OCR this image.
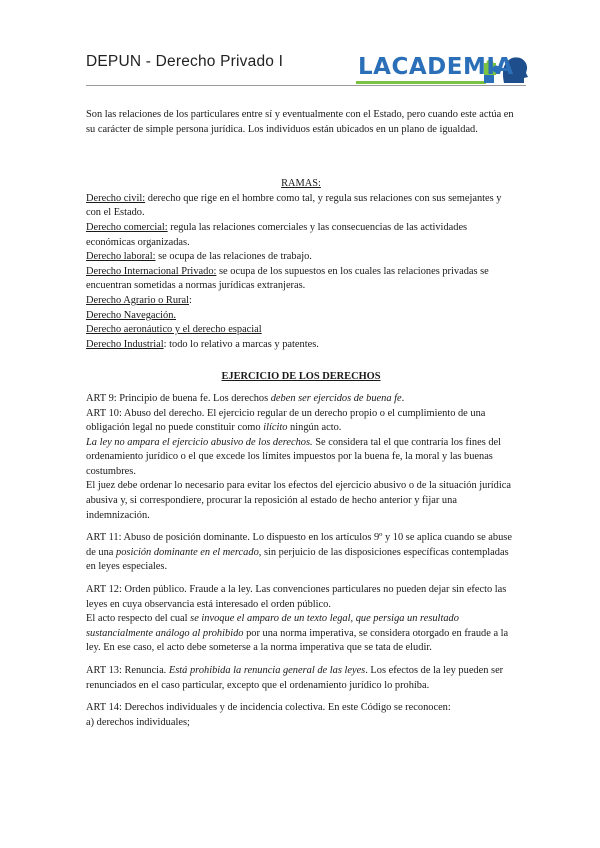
DEPUN - Derecho Privado I	LACADEMIA

Son las relaciones de los particulares entre sí y eventualmente con el Estado, pero cuando este actúa en su carácter de simple persona jurídica. Los individuos están ubicados en un plano de igualdad.

RAMAS:

Derecho civil: derecho que rige en el hombre como tal, y regula sus relaciones con sus semejantes y con el Estado.

Derecho comercial: regula las relaciones comerciales y las consecuencias de las actividades económicas organizadas.

Derecho laboral: se ocupa de las relaciones de trabajo.

Derecho Internacional Privado: se ocupa de los supuestos en los cuales las relaciones privadas se encuentran sometidas a normas jurídicas extranjeras.

Derecho Agrario o Rural:

Derecho Navegación.

Derecho aeronáutico y el derecho espacial

Derecho Industrial: todo lo relativo a marcas y patentes.

EJERCICIO DE LOS DERECHOS

ART 9: Principio de buena fe. Los derechos deben ser ejercidos de buena fe.

ART 10: Abuso del derecho. El ejercicio regular de un derecho propio o el cumplimiento de una obligación legal no puede constituir como ilícito ningún acto.

La ley no ampara el ejercicio abusivo de los derechos. Se considera tal el que contraría los fines del ordenamiento jurídico o el que excede los límites impuestos por la buena fe, la moral y las buenas costumbres.

El juez debe ordenar lo necesario para evitar los efectos del ejercicio abusivo o de la situación jurídica abusiva y, si correspondiere, procurar la reposición al estado de hecho anterior y fijar una indemnización.

ART 11: Abuso de posición dominante. Lo dispuesto en los artículos 9º y 10 se aplica cuando se abuse de una posición dominante en el mercado, sin perjuicio de las disposiciones específicas contempladas en leyes especiales.

ART 12: Orden público. Fraude a la ley. Las convenciones particulares no pueden dejar sin efecto las leyes en cuya observancia está interesado el orden público.

El acto respecto del cual se invoque el amparo de un texto legal, que persiga un resultado sustancialmente análogo al prohibido por una norma imperativa, se considera otorgado en fraude a la ley. En ese caso, el acto debe someterse a la norma imperativa que se tata de eludir.

ART 13: Renuncia. Está prohibida la renuncia general de las leyes. Los efectos de la ley pueden ser renunciados en el caso particular, excepto que el ordenamiento jurídico lo prohíba.

ART 14: Derechos individuales y de incidencia colectiva. En este Código se reconocen:

a) derechos individuales;
